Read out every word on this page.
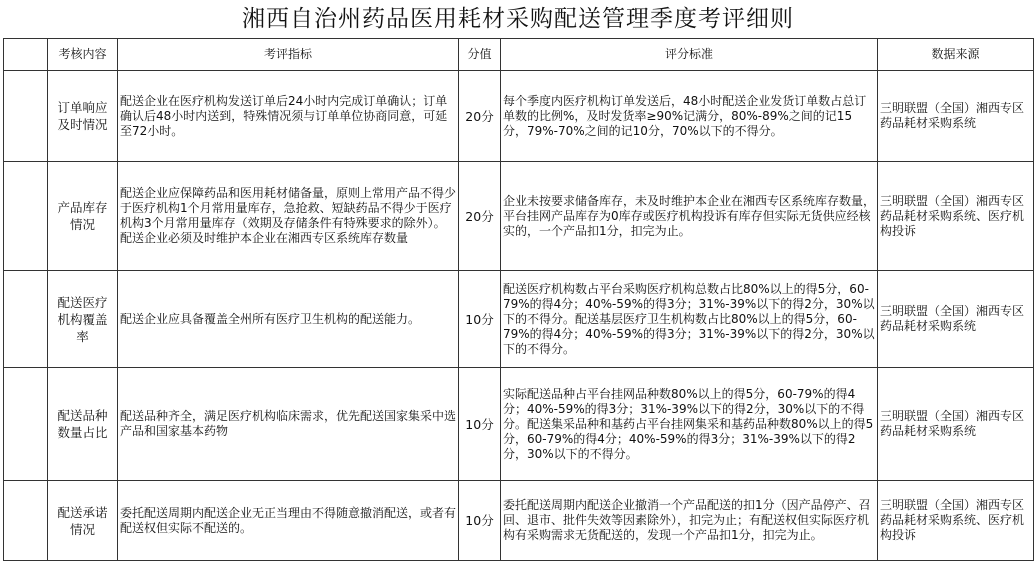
湘西自治州药品医用耗材采购配送管理季度考评细则
	考核内容	考评指标	分值	评分标准	数据来源
	订单响应及时情况	配送企业在医疗机构发送订单后24小时内完成订单确认；订单确认后48小时内送到，特殊情况须与订单单位协商同意，可延至72小时。	20分	每个季度内医疗机构订单发送后，48小时配送企业发货订单数占总订单数的比例%，及时发货率≥90%记满分，80%-89%之间的记15分，79%-70%之间的记10分，70%以下的不得分。	三明联盟（全国）湘西专区药品耗材采购系统
	产品库存情况	配送企业应保障药品和医用耗材储备量，原则上常用产品不得少于医疗机构1个月常用量库存，急抢救、短缺药品不得少于医疗机构3个月常用量库存（效期及存储条件有特殊要求的除外）。配送企业必须及时维护本企业在湘西专区系统库存数量	20分	企业未按要求储备库存，未及时维护本企业在湘西专区系统库存数量，平台挂网产品库存为0库存或医疗机构投诉有库存但实际无货供应经核实的，一个产品扣1分，扣完为止。	三明联盟（全国）湘西专区药品耗材采购系统、医疗机构投诉
	配送医疗机构覆盖率	配送企业应具备覆盖全州所有医疗卫生机构的配送能力。	10分	配送医疗机构数占平台采购医疗机构总数占比80%以上的得5分，60-79%的得4分；40%-59%的得3分；31%-39%以下的得2分，30%以下的不得分。配送基层医疗卫生机构数占比80%以上的得5分，60-79%的得4分；40%-59%的得3分；31%-39%以下的得2分，30%以下的不得分。	三明联盟（全国）湘西专区药品耗材采购系统
	配送品种数量占比	配送品种齐全，满足医疗机构临床需求，优先配送国家集采中选产品和国家基本药物	10分	实际配送品种占平台挂网品种数80%以上的得5分，60-79%的得4分；40%-59%的得3分；31%-39%以下的得2分，30%以下的不得分。配送集采品种和基药占平台挂网集采和基药品种数80%以上的得5分，60-79%的得4分；40%-59%的得3分；31%-39%以下的得2分，30%以下的不得分。	三明联盟（全国）湘西专区药品耗材采购系统
	配送承诺情况	委托配送周期内配送企业无正当理由不得随意撤消配送，或者有配送权但实际不配送的。	10分	委托配送周期内配送企业撤消一个产品配送的扣1分（因产品停产、召回、退市、批件失效等因素除外），扣完为止；有配送权但实际医疗机构有采购需求无货配送的，发现一个产品扣1分，扣完为止。	三明联盟（全国）湘西专区药品耗材采购系统、医疗机构投诉
